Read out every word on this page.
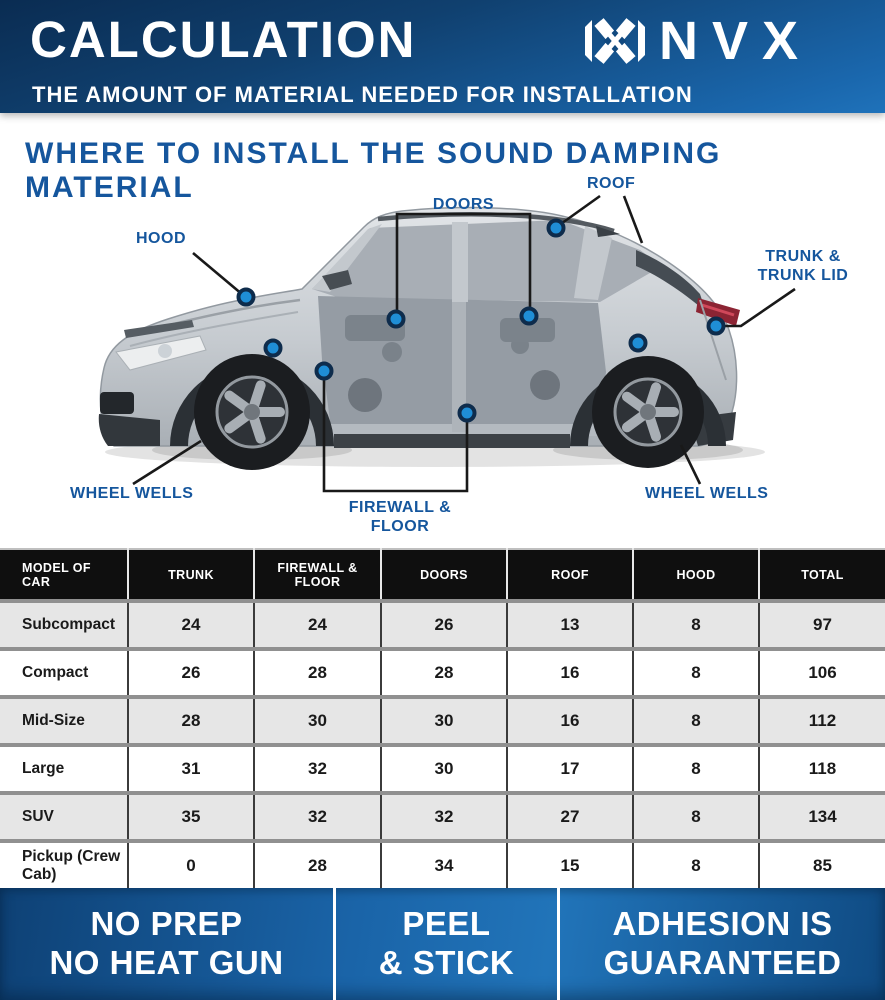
CALCULATION
THE AMOUNT OF MATERIAL NEEDED FOR INSTALLATION
NVX
WHERE TO INSTALL THE SOUND DAMPING MATERIAL
HOOD
ROOF
DOORS
TRUNK &
TRUNK LID
WHEEL WELLS	WHEEL WELLS
FIREWALL &
FLOOR
MODEL OF CAR	TRUNK	FIREWALL & FLOOR	DOORS	ROOF	HOOD	TOTAL
Subcompact	24	24	26	13	8	97
Compact	26	28	28	16	8	106
Mid-Size	28	30	30	16	8	112
Large	31	32	30	17	8	118
SUV	35	32	32	27	8	134
Pickup (Crew Cab)	0	28	34	15	8	85
NO PREP
NO HEAT GUN
PEEL
& STICK
ADHESION IS
GUARANTEED
